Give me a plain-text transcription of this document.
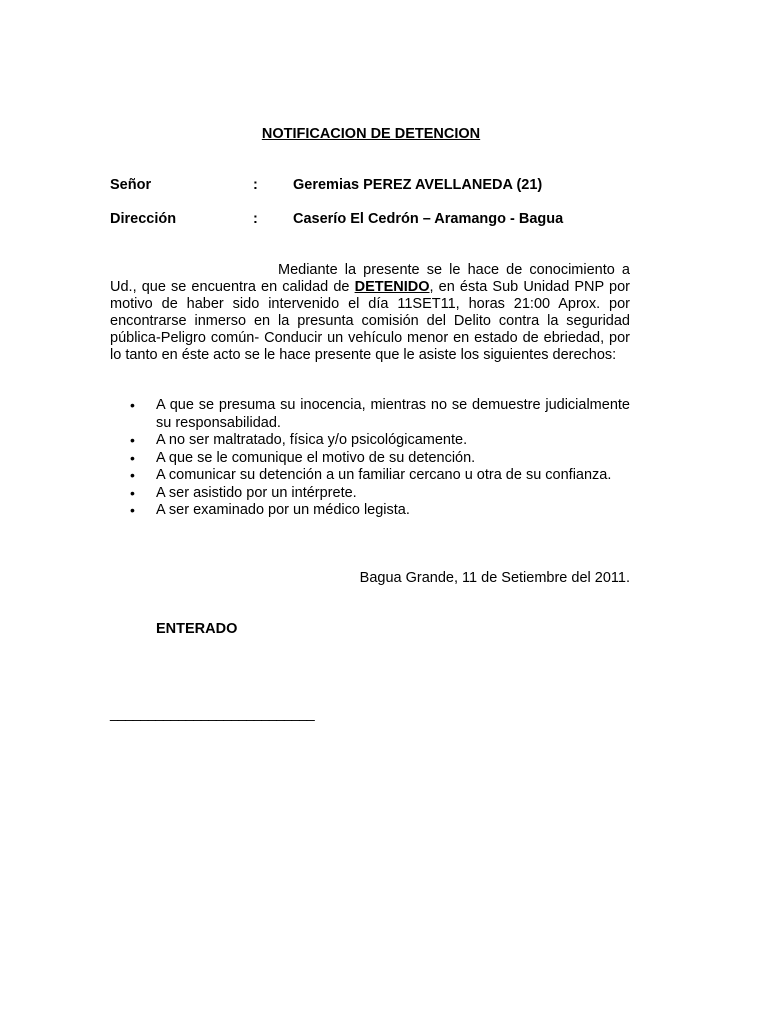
NOTIFICACION DE DETENCION
Señor	: Geremias PEREZ AVELLANEDA (21)
Dirección	: Caserío El Cedrón – Aramango - Bagua
Mediante la presente se le hace de conocimiento a Ud., que se encuentra en calidad de DETENIDO, en ésta Sub Unidad PNP por motivo de haber sido intervenido el día 11SET11, horas 21:00 Aprox. por encontrarse inmerso en la presunta comisión del Delito contra la seguridad pública-Peligro común- Conducir un vehículo menor en estado de ebriedad, por lo tanto en éste acto se le hace presente que le asiste los siguientes derechos:
• A que se presuma su inocencia, mientras no se demuestre judicialmente su responsabilidad.
• A no ser maltratado, física y/o psicológicamente.
• A que se le comunique el motivo de su detención.
• A comunicar su detención a un familiar cercano u otra de su confianza.
• A ser asistido por un intérprete.
• A ser examinado por un médico legista.
Bagua Grande, 11 de Setiembre del 2011.
ENTERADO
___________________________
